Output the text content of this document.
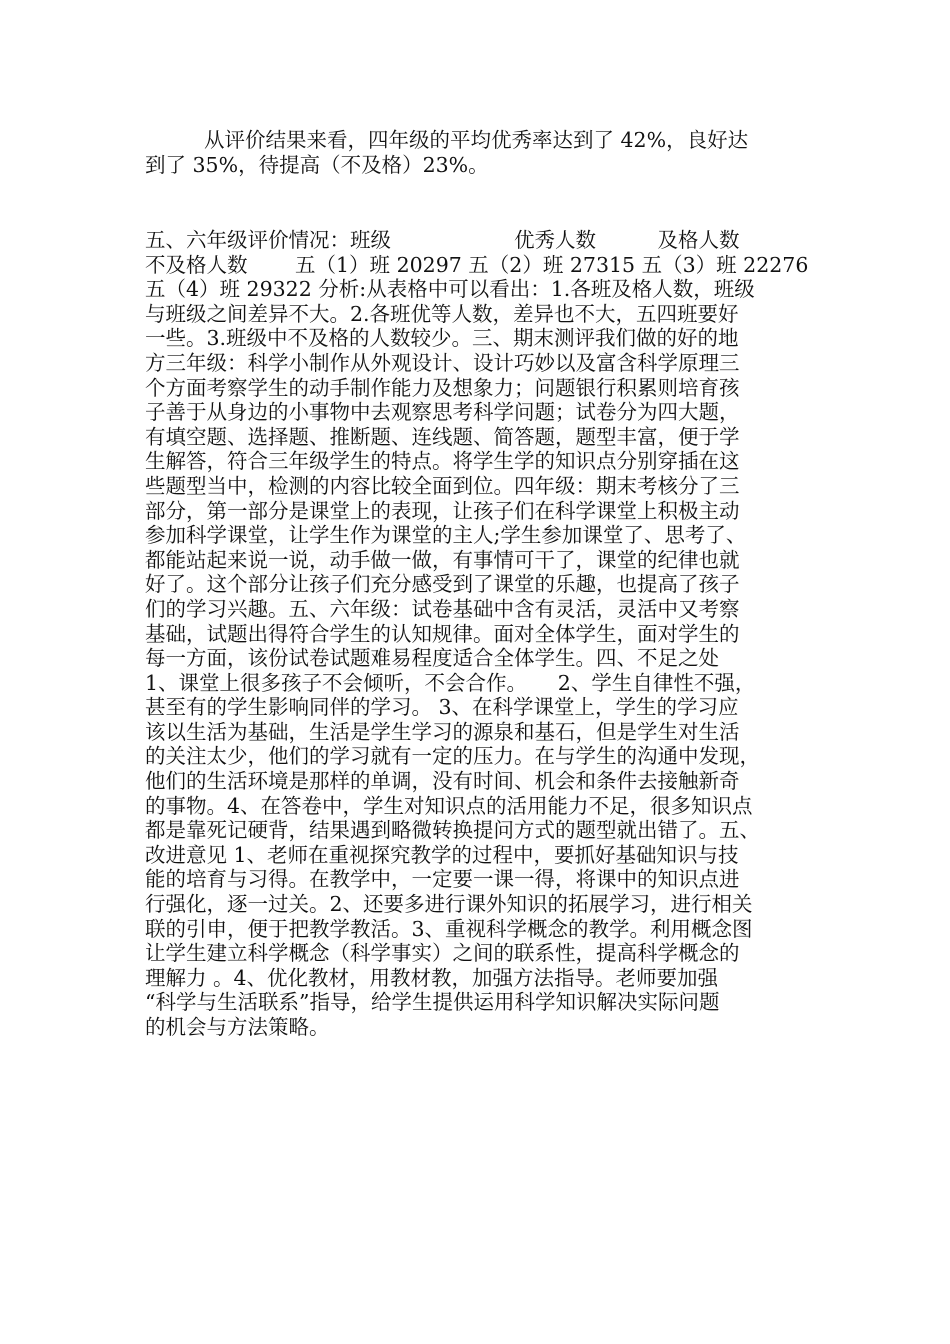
从评价结果来看，四年级的平均优秀率达到了 42%，良好达
到了 35%，待提高（不及格）23%。
五、六年级评价情况：班级　　　　　　优秀人数　　　及格人数
不及格人数　　 五（1）班 20297 五（2）班 27315 五（3）班 22276
五（4）班 29322 分析:从表格中可以看出：1.各班及格人数，班级
与班级之间差异不大。2.各班优等人数，差异也不大，五四班要好
一些。3.班级中不及格的人数较少。三、期末测评我们做的好的地
方三年级：科学小制作从外观设计、设计巧妙以及富含科学原理三
个方面考察学生的动手制作能力及想象力；问题银行积累则培育孩
子善于从身边的小事物中去观察思考科学问题；试卷分为四大题，
有填空题、选择题、推断题、连线题、简答题，题型丰富，便于学
生解答，符合三年级学生的特点。将学生学的知识点分别穿插在这
些题型当中，检测的内容比较全面到位。四年级：期末考核分了三
部分，第一部分是课堂上的表现，让孩子们在科学课堂上积极主动
参加科学课堂，让学生作为课堂的主人;学生参加课堂了、思考了、
都能站起来说一说，动手做一做，有事情可干了，课堂的纪律也就
好了。这个部分让孩子们充分感受到了课堂的乐趣，也提高了孩子
们的学习兴趣。五、六年级：试卷基础中含有灵活，灵活中又考察
基础，试题出得符合学生的认知规律。面对全体学生，面对学生的
每一方面，该份试卷试题难易程度适合全体学生。四、不足之处
1、课堂上很多孩子不会倾听，不会合作。　　2、学生自律性不强，
甚至有的学生影响同伴的学习。 3、在科学课堂上，学生的学习应
该以生活为基础，生活是学生学习的源泉和基石，但是学生对生活
的关注太少，他们的学习就有一定的压力。在与学生的沟通中发现，
他们的生活环境是那样的单调，没有时间、机会和条件去接触新奇
的事物。4、在答卷中，学生对知识点的活用能力不足，很多知识点
都是靠死记硬背，结果遇到略微转换提问方式的题型就出错了。五、
改进意见 1、老师在重视探究教学的过程中，要抓好基础知识与技
能的培育与习得。在教学中，一定要一课一得，将课中的知识点进
行强化，逐一过关。2、还要多进行课外知识的拓展学习，进行相关
联的引申，便于把教学教活。3、重视科学概念的教学。利用概念图
让学生建立科学概念（科学事实）之间的联系性，提高科学概念的
理解力 。4、优化教材，用教材教，加强方法指导。老师要加强
“科学与生活联系”指导，给学生提供运用科学知识解决实际问题
的机会与方法策略。
